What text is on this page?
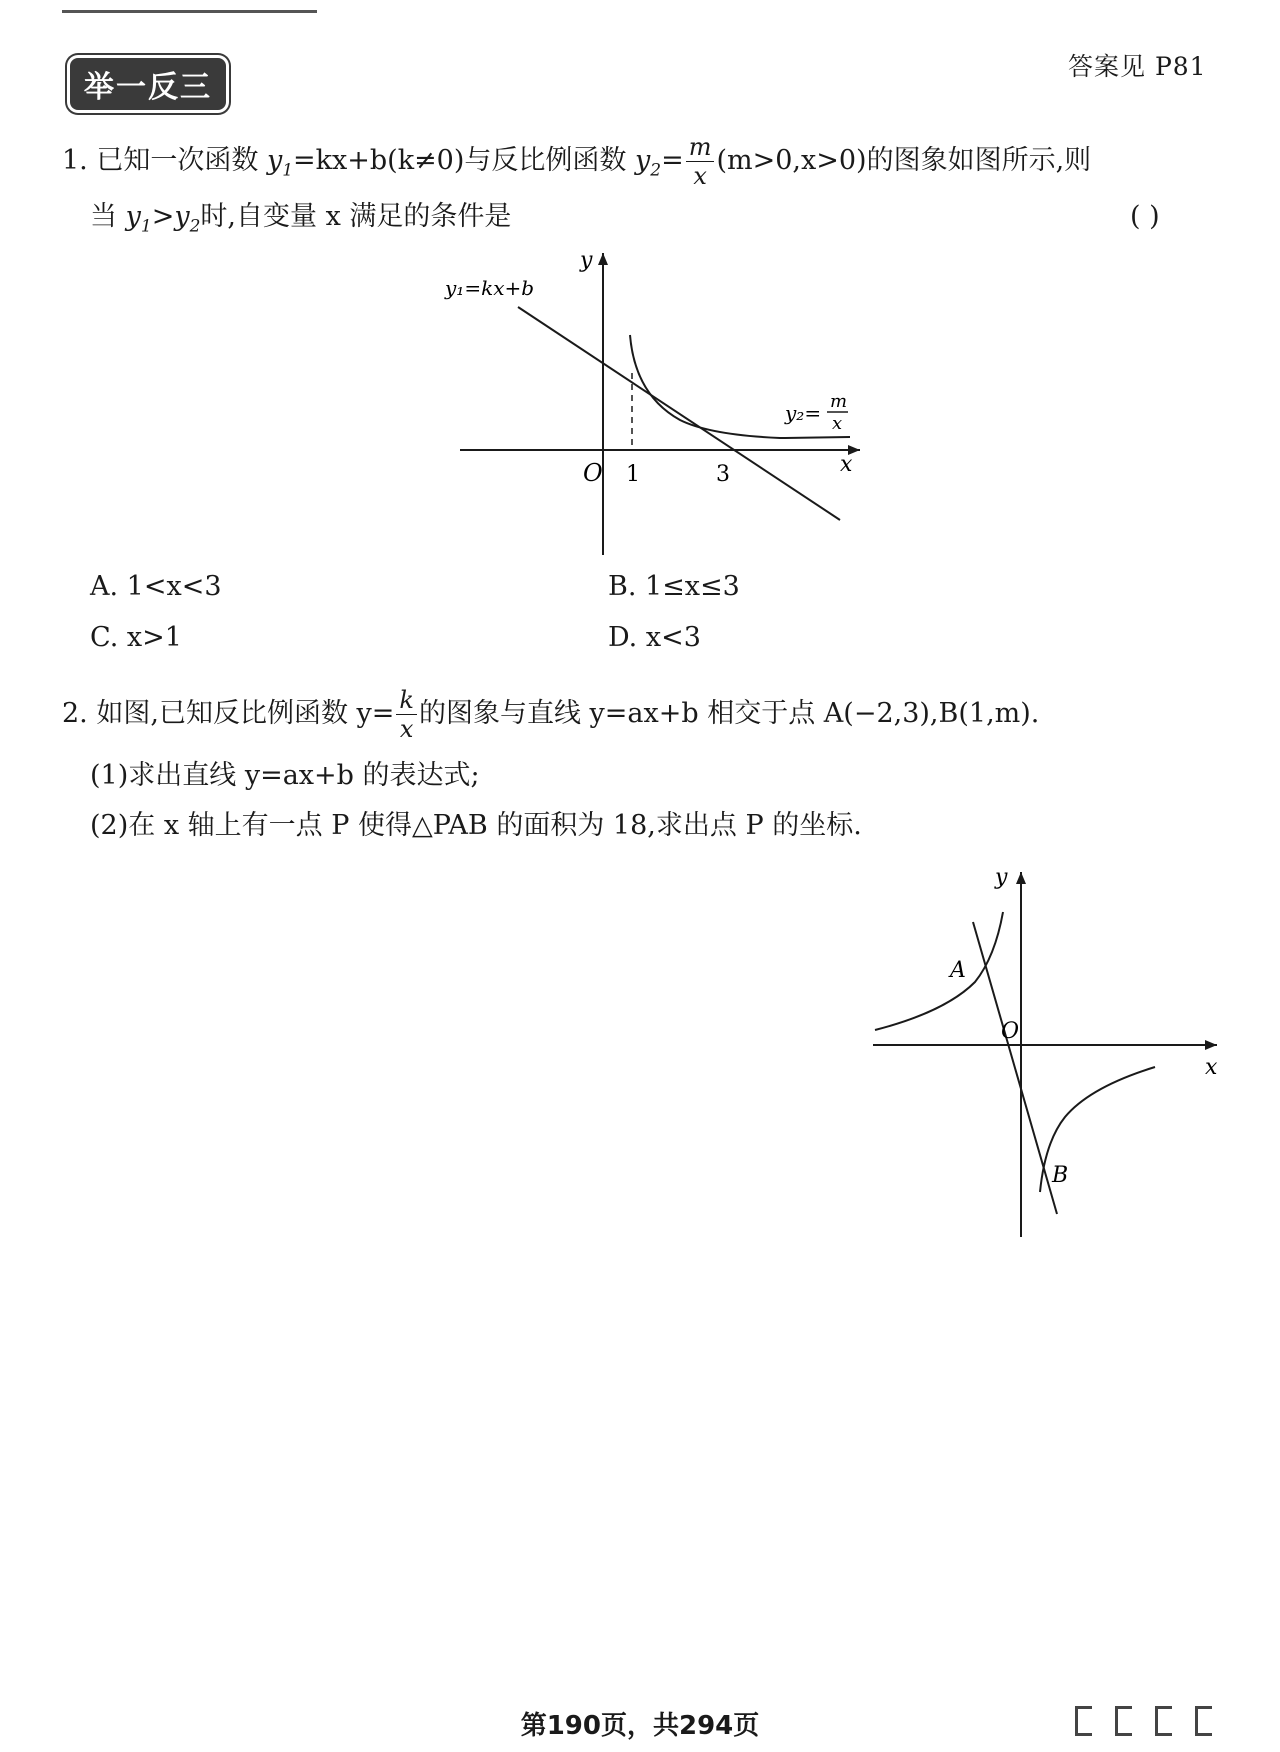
举一反三
答案见 P81
1. 已知一次函数 $y_1=kx+b(k\ne 0)$与反比例函数 $y_2= \frac{m}{x} (m>0,x>0)$的图象如图所示,则
当 $y_1>y_2$时,自变量 x 满足的条件是	( )
O 1	3	x
y
y₁=kx+b
y₂= m
x
A. 1<x<3	B. 1≤x≤3
C. x>1	D. x<3
2. 如图,已知反比例函数 $y= \frac{k}{x}$ 的图象与直线 y=ax+b 相交于点 A(−2,3),B(1,m).
(1)求出直线 y=ax+b 的表达式;
(2)在 x 轴上有一点 P 使得△PAB 的面积为 18,求出点 P 的坐标.
y
x
O
A
B
第190页，共294页
